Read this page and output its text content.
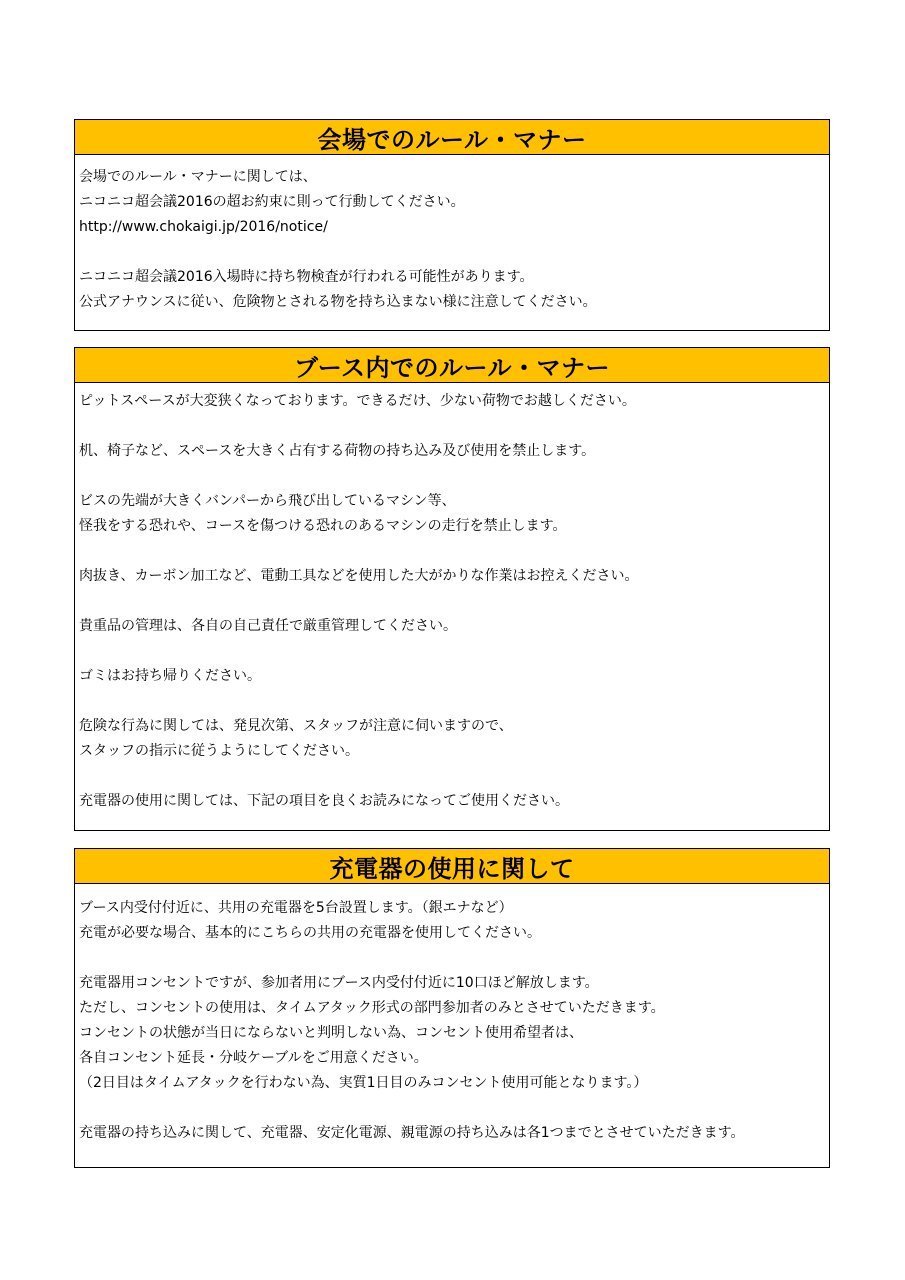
会場でのルール・マナー
会場でのルール・マナーに関しては、
ニコニコ超会議2016の超お約束に則って行動してください。
http://www.chokaigi.jp/2016/notice/
ニコニコ超会議2016入場時に持ち物検査が行われる可能性があります。
公式アナウンスに従い、危険物とされる物を持ち込まない様に注意してください。
ブース内でのルール・マナー
ピットスペースが大変狭くなっております。できるだけ、少ない荷物でお越しください。
机、椅子など、スペースを大きく占有する荷物の持ち込み及び使用を禁止します。
ビスの先端が大きくバンパーから飛び出しているマシン等、
怪我をする恐れや、コースを傷つける恐れのあるマシンの走行を禁止します。
肉抜き、カーボン加工など、電動工具などを使用した大がかりな作業はお控えください。
貴重品の管理は、各自の自己責任で厳重管理してください。
ゴミはお持ち帰りください。
危険な行為に関しては、発見次第、スタッフが注意に伺いますので、
スタッフの指示に従うようにしてください。
充電器の使用に関しては、下記の項目を良くお読みになってご使用ください。
充電器の使用に関して
ブース内受付付近に、共用の充電器を5台設置します。（銀エナなど）
充電が必要な場合、基本的にこちらの共用の充電器を使用してください。
充電器用コンセントですが、参加者用にブース内受付付近に10口ほど解放します。
ただし、コンセントの使用は、タイムアタック形式の部門参加者のみとさせていただきます。
コンセントの状態が当日にならないと判明しない為、コンセント使用希望者は、
各自コンセント延長・分岐ケーブルをご用意ください。
（2日目はタイムアタックを行わない為、実質1日目のみコンセント使用可能となります。）
充電器の持ち込みに関して、充電器、安定化電源、親電源の持ち込みは各1つまでとさせていただきます。
